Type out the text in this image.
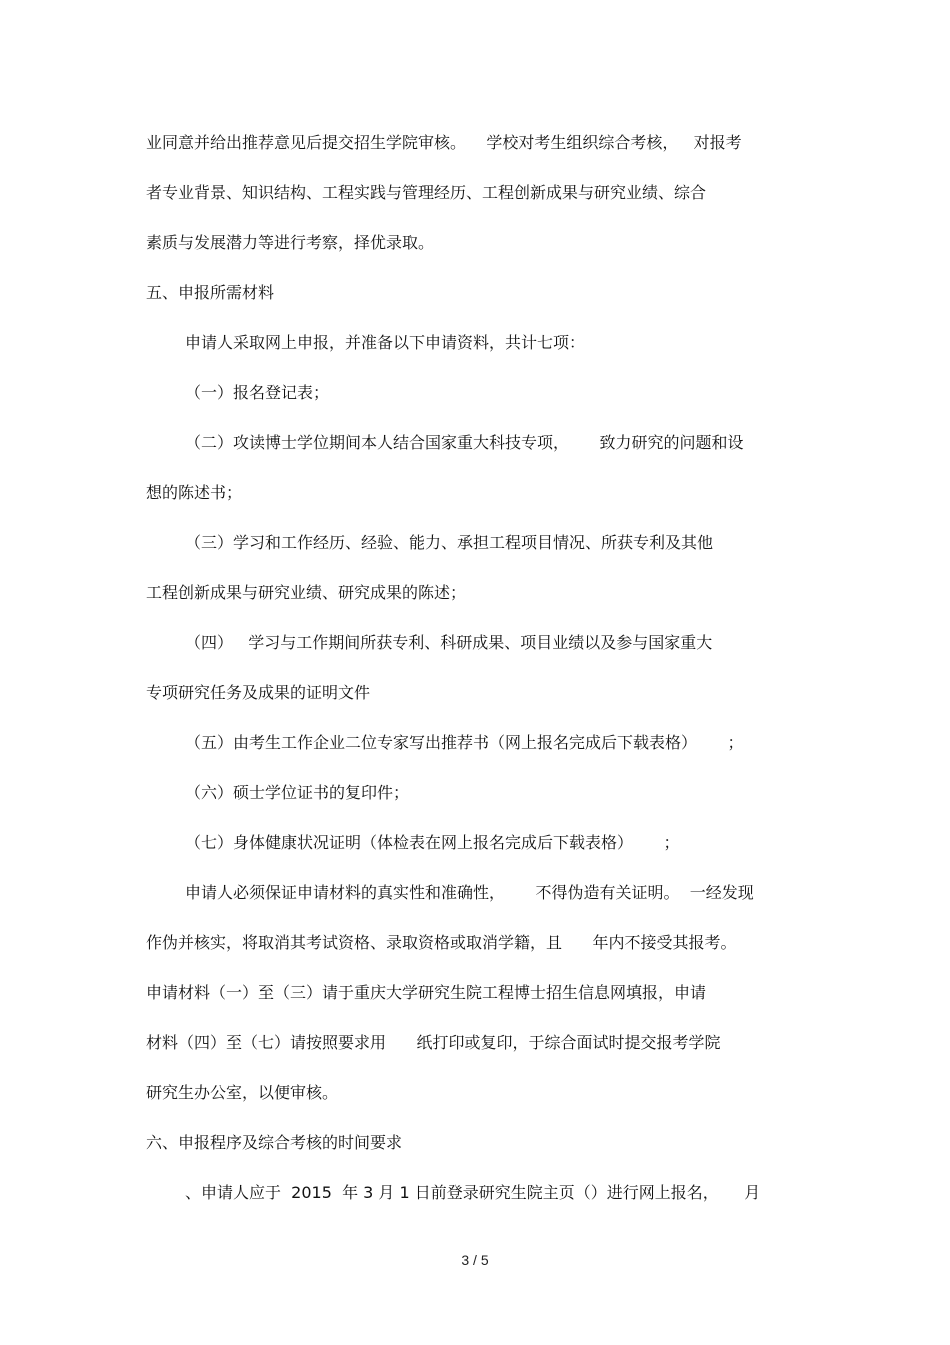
业同意并给出推荐意见后提交招生学院审核。    学校对考生组织综合考核，   对报考
者专业背景、知识结构、工程实践与管理经历、工程创新成果与研究业绩、综合
素质与发展潜力等进行考察，择优录取。
五、申报所需材料
申请人采取网上申报，并准备以下申请资料，共计七项：
（一）报名登记表；
（二）攻读博士学位期间本人结合国家重大科技专项，      致力研究的问题和设
想的陈述书；
（三）学习和工作经历、经验、能力、承担工程项目情况、所获专利及其他
工程创新成果与研究业绩、研究成果的陈述；
（四）   学习与工作期间所获专利、科研成果、项目业绩以及参与国家重大
专项研究任务及成果的证明文件
（五）由考生工作企业二位专家写出推荐书（网上报名完成后下载表格）      ；
（六）硕士学位证书的复印件；
（七）身体健康状况证明（体检表在网上报名完成后下载表格）      ；
申请人必须保证申请材料的真实性和准确性，      不得伪造有关证明。  一经发现
作伪并核实，将取消其考试资格、录取资格或取消学籍，且      年内不接受其报考。
申请材料（一）至（三）请于重庆大学研究生院工程博士招生信息网填报，申请
材料（四）至（七）请按照要求用      纸打印或复印，于综合面试时提交报考学院
研究生办公室，以便审核。
六、申报程序及综合考核的时间要求
、申请人应于  2015  年 3 月 1 日前登录研究生院主页（）进行网上报名，     月
3 / 5
